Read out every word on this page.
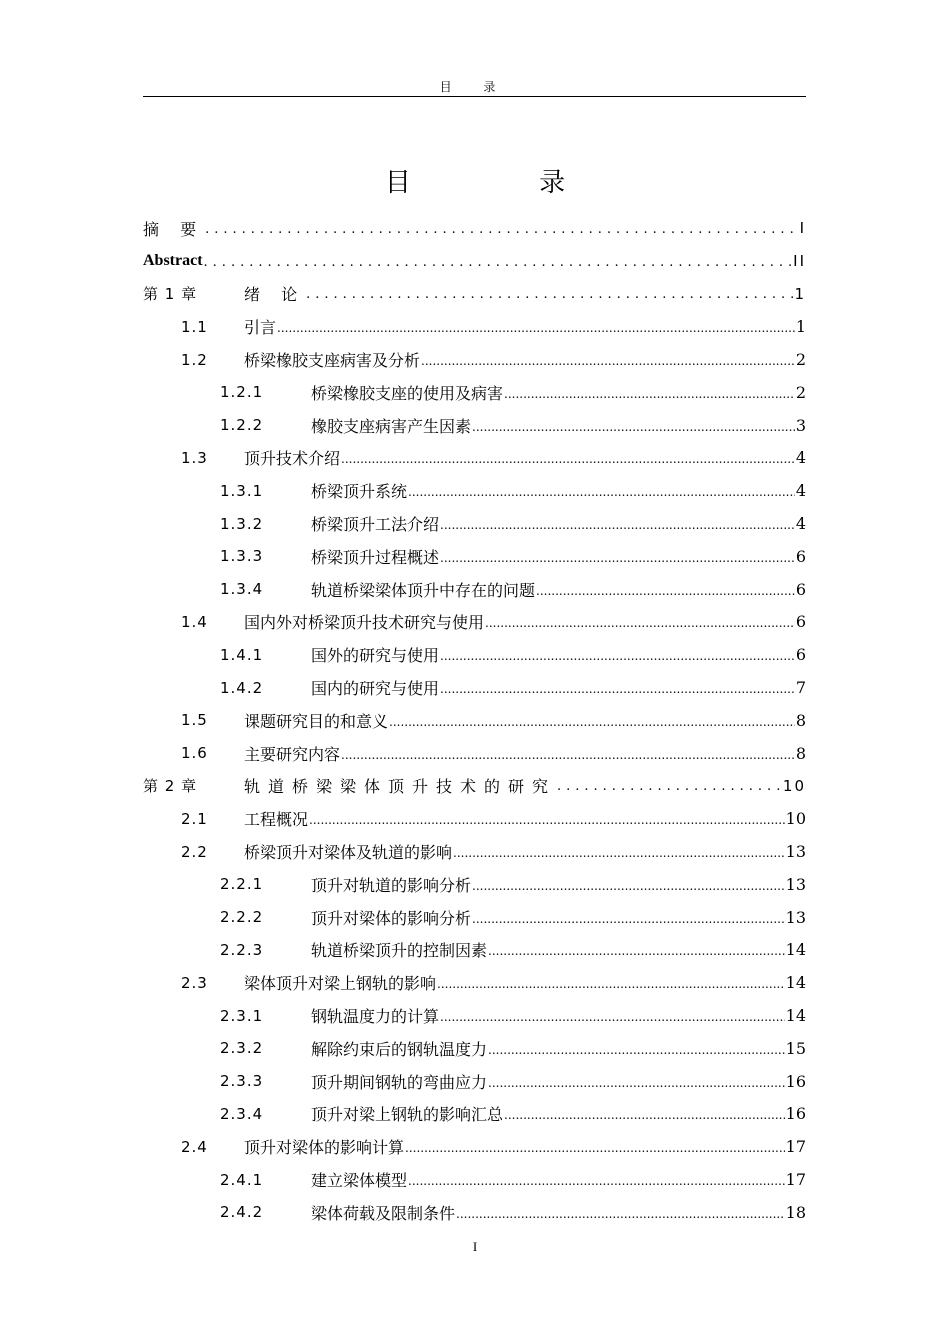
目 录
目 录
摘 要 .....	I
Abstract .....	II
第 1 章	绪 论 .....	1
1.1	引言 .....	1
1.2	桥梁橡胶支座病害及分析 .....	2
1.2.1	桥梁橡胶支座的使用及病害 .....	2
1.2.2	橡胶支座病害产生因素 .....	3
1.3	顶升技术介绍 .....	4
1.3.1	桥梁顶升系统 .....	4
1.3.2	桥梁顶升工法介绍 .....	4
1.3.3	桥梁顶升过程概述 .....	6
1.3.4	轨道桥梁梁体顶升中存在的问题 .....	6
1.4	国内外对桥梁顶升技术研究与使用 .....	6
1.4.1	国外的研究与使用 .....	6
1.4.2	国内的研究与使用 .....	7
1.5	课题研究目的和意义 .....	8
1.6	主要研究内容 .....	8
第 2 章	轨道桥梁梁体顶升技术的研究 .....	10
2.1	工程概况 .....	10
2.2	桥梁顶升对梁体及轨道的影响 .....	13
2.2.1	顶升对轨道的影响分析 .....	13
2.2.2	顶升对梁体的影响分析 .....	13
2.2.3	轨道桥梁顶升的控制因素 .....	14
2.3	梁体顶升对梁上钢轨的影响 .....	14
2.3.1	钢轨温度力的计算 .....	14
2.3.2	解除约束后的钢轨温度力 .....	15
2.3.3	顶升期间钢轨的弯曲应力 .....	16
2.3.4	顶升对梁上钢轨的影响汇总 .....	16
2.4	顶升对梁体的影响计算 .....	17
2.4.1	建立梁体模型 .....	17
2.4.2	梁体荷载及限制条件 .....	18
I
